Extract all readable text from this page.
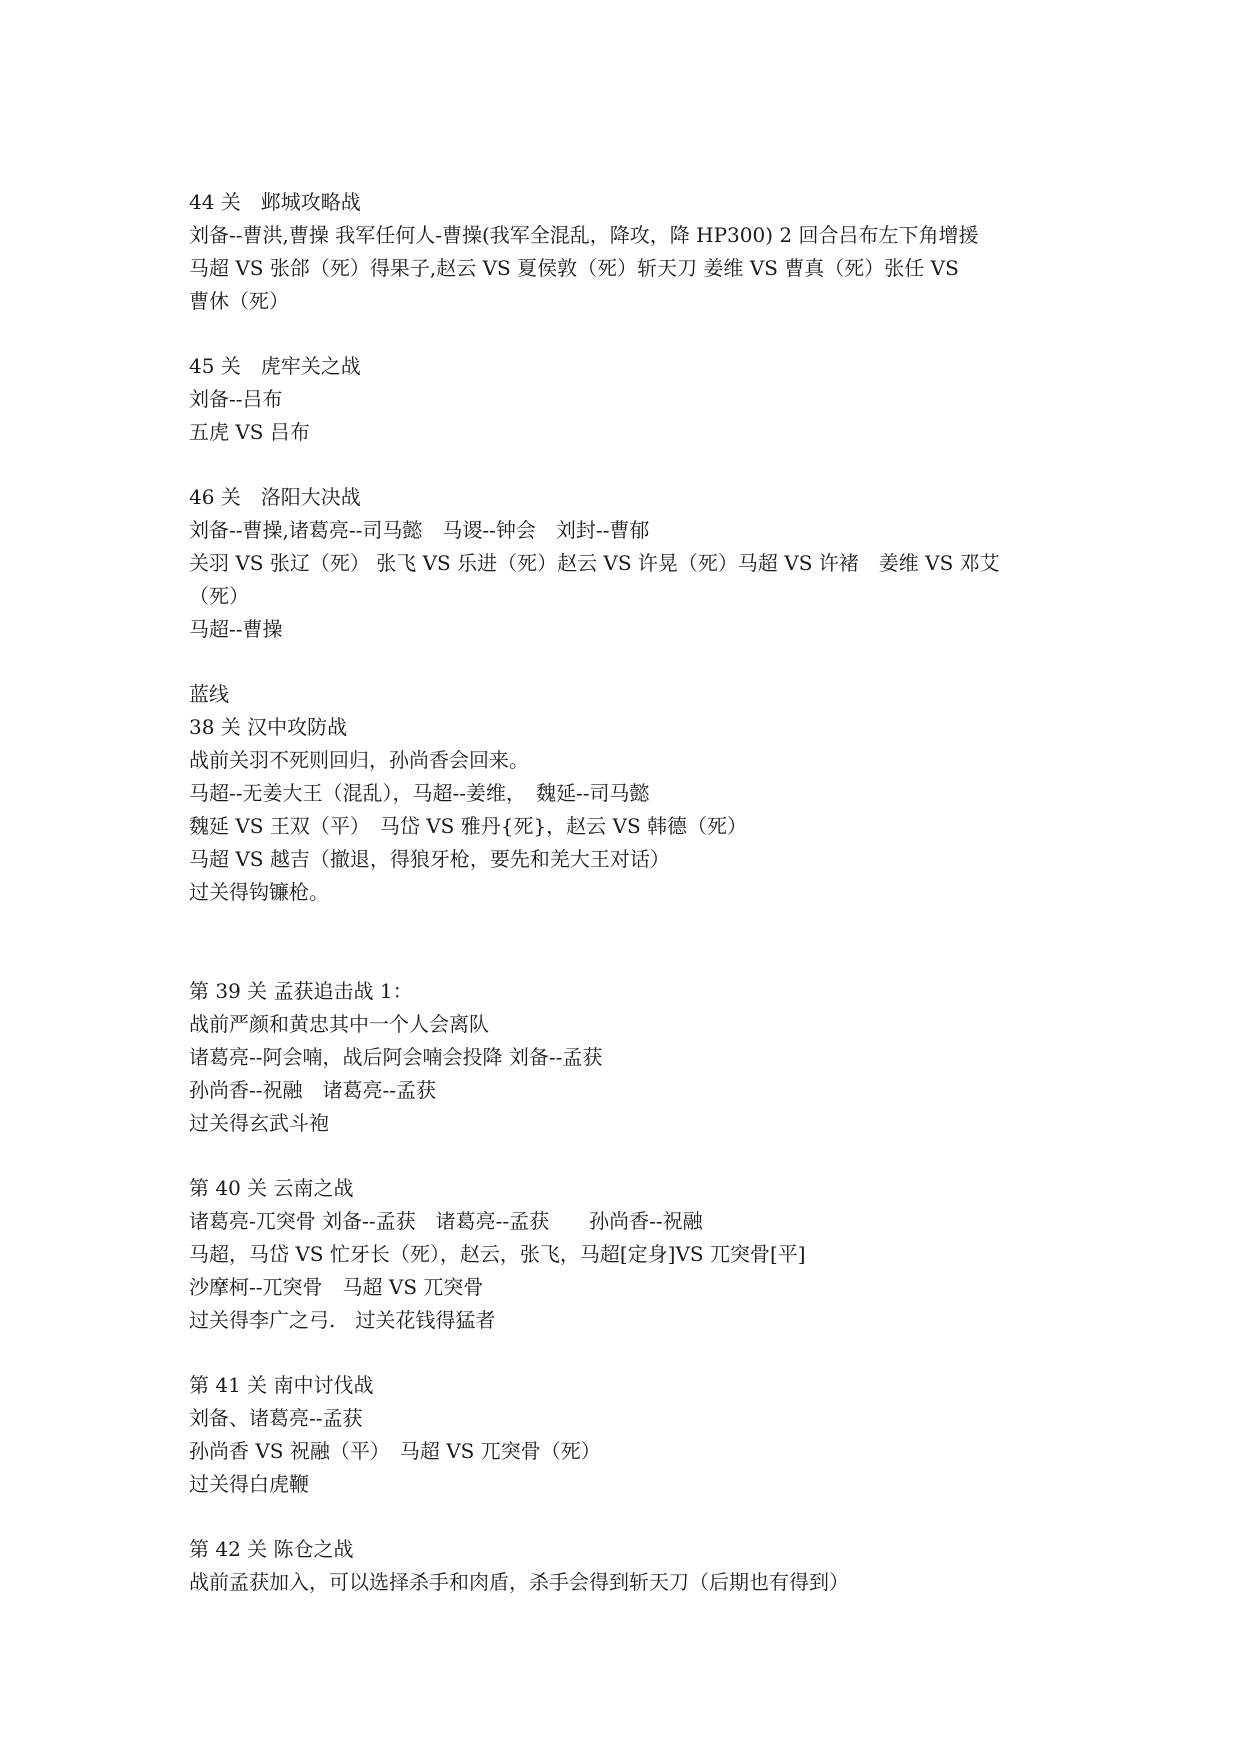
44 关　邺城攻略战
刘备--曹洪,曹操 我军任何人-曹操(我军全混乱，降攻，降 HP300) 2 回合吕布左下角增援
马超 VS 张郃（死）得果子,赵云 VS 夏侯敦（死）斩天刀 姜维 VS 曹真（死）张任 VS
曹休（死）
45 关　虎牢关之战
刘备--吕布
五虎 VS 吕布
46 关　洛阳大决战
刘备--曹操,诸葛亮--司马懿　马谡--钟会　刘封--曹郁
关羽 VS 张辽（死） 张飞 VS 乐进（死）赵云 VS 许晃（死）马超 VS 许褚　姜维 VS 邓艾
（死）
马超--曹操
蓝线
38 关 汉中攻防战
战前关羽不死则回归，孙尚香会回来。
马超--无姜大王（混乱），马超--姜维，　魏延--司马懿
魏延 VS 王双（平）　马岱 VS 雅丹{死}，赵云 VS 韩德（死）
马超 VS 越吉（撤退，得狼牙枪，要先和羌大王对话）
过关得钩镰枪。
第 39 关 孟获追击战 1：
战前严颜和黄忠其中一个人会离队
诸葛亮--阿会喃，战后阿会喃会投降 刘备--孟获
孙尚香--祝融　诸葛亮--孟获
过关得玄武斗袍
第 40 关 云南之战
诸葛亮-兀突骨 刘备--孟获　诸葛亮--孟获　　孙尚香--祝融
马超，马岱 VS 忙牙长（死），赵云，张飞，马超[定身]VS 兀突骨[平]
沙摩柯--兀突骨　马超 VS 兀突骨
过关得李广之弓.　过关花钱得猛者
第 41 关 南中讨伐战
刘备、诸葛亮--孟获
孙尚香 VS 祝融（平）　马超 VS 兀突骨（死）
过关得白虎鞭
第 42 关 陈仓之战
战前孟获加入，可以选择杀手和肉盾，杀手会得到斩天刀（后期也有得到）
